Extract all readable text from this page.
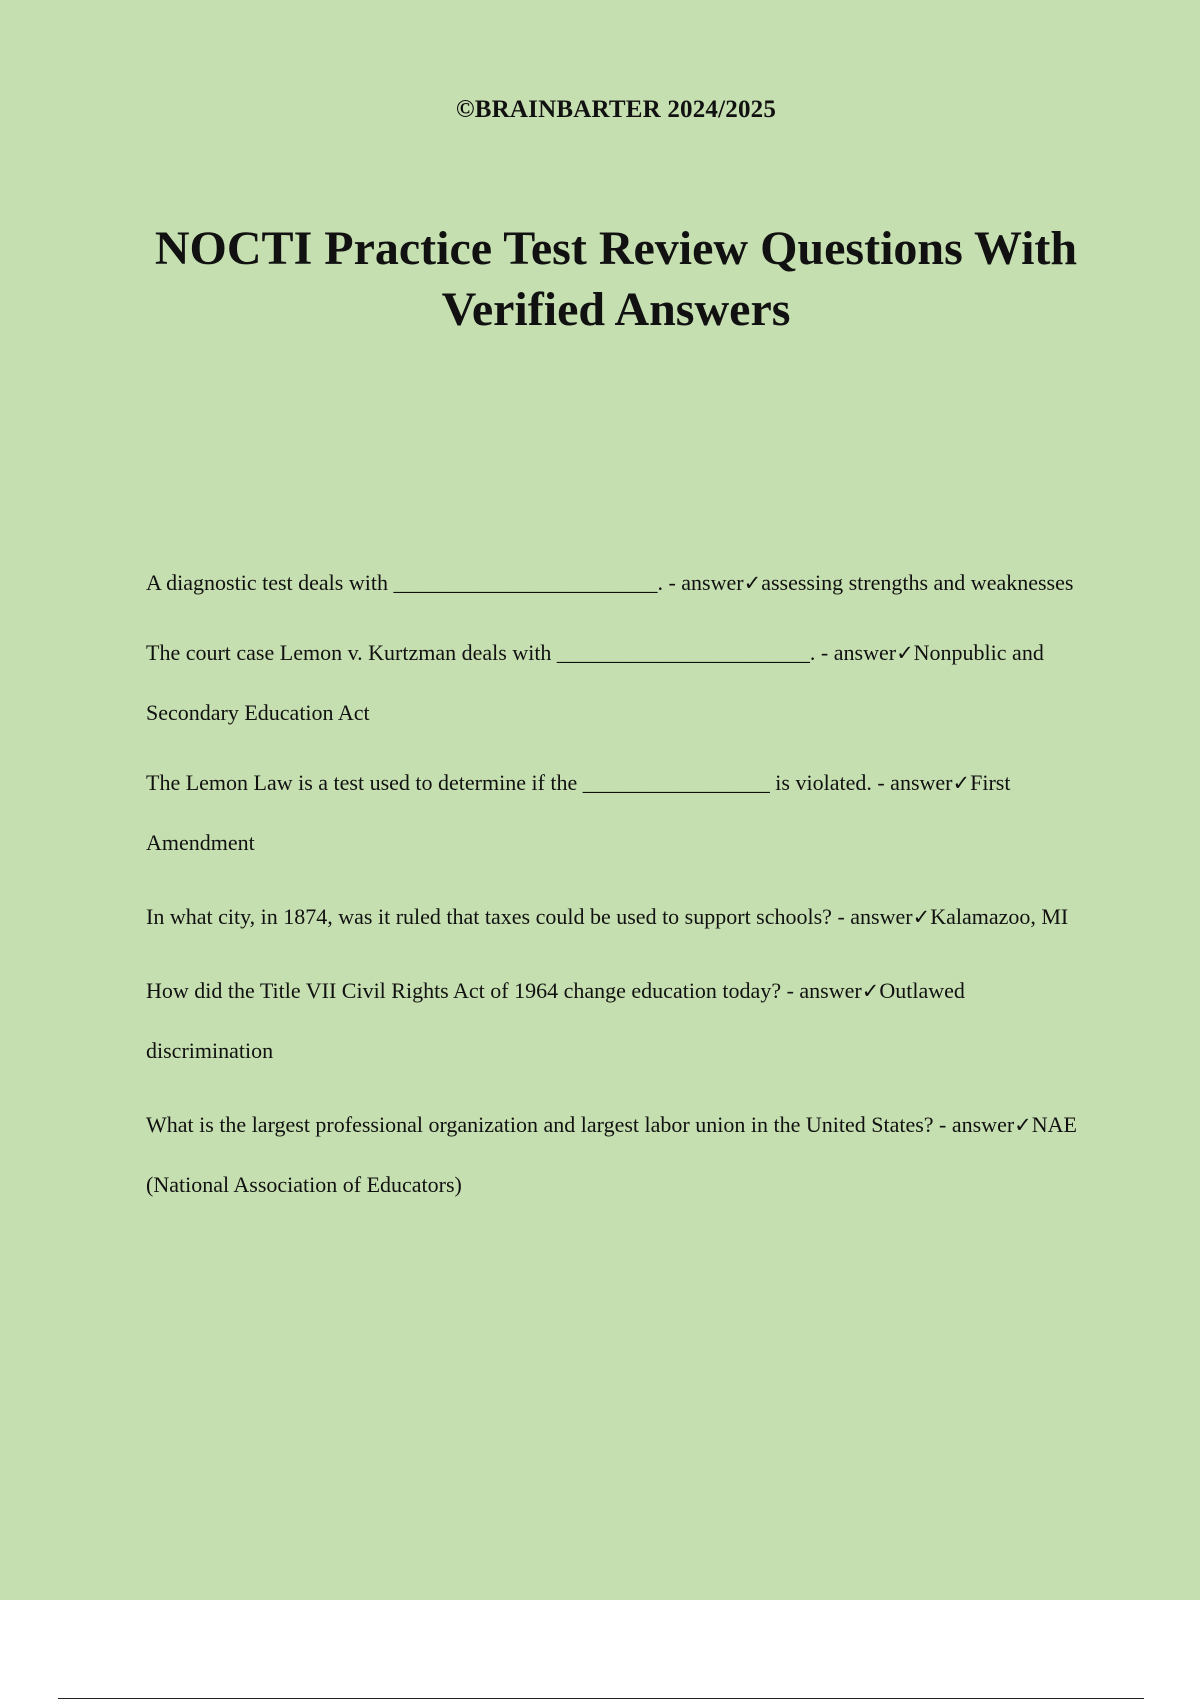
©BRAINBARTER 2024/2025
NOCTI Practice Test Review Questions With Verified Answers

A diagnostic test deals with ________________________. - answer✓assessing strengths and weaknesses

The court case Lemon v. Kurtzman deals with _______________________. - answer✓Nonpublic and Secondary Education Act

The Lemon Law is a test used to determine if the _________________ is violated. - answer✓First Amendment

In what city, in 1874, was it ruled that taxes could be used to support schools? - answer✓Kalamazoo, MI

How did the Title VII Civil Rights Act of 1964 change education today? - answer✓Outlawed discrimination

What is the largest professional organization and largest labor union in the United States? - answer✓NAE (National Association of Educators)
